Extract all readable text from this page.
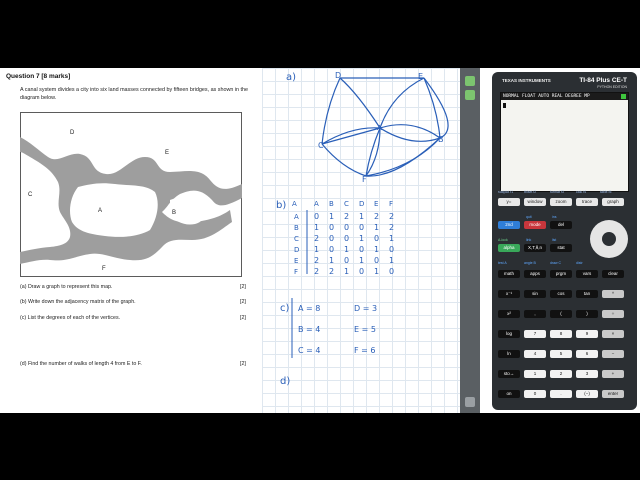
Question 7 [8 marks]
A canal system divides a city into six land masses connected by fifteen bridges, as shown in the diagram below.
D
E
C
A	B
F
(a) Draw a graph to represent this map.	[2]
(b) Write down the adjacency matrix of the graph.	[2]
(c) List the degrees of each of the vertices.	[2]
(d) Find the number of walks of length 4 from E to F.	[2]
a)	D	E
C
A
B
F
b) A A B C D E F
A 0 1 2 1 2 2
B 1 0 0 0 1 2
C 2 0 0 1 0 1
D 1 0 1 0 1 0
E 2 1 0 1 0 1
F 2 2 1 0 1 0
c) A = 8	D = 3
B = 4	E = 5
C = 4	F = 6
d)
TEXAS INSTRUMENTS	TI-84 Plus CE-T
PYTHON EDITION
NORMAL FLOAT AUTO REAL DEGREE MP
statplot f1	tblset f2	format f3	calc f4	table f5
y=	window	zoom	trace	graph
quit	ins
2nd	mode	del
A-lock	link	list
alpha	X,T,θ,n	stat
test A	angle B	draw C	distr
math	apps	prgm	vars	clear
x⁻¹	sin	cos	tan	^
x²	,	(	)	÷
log	7	8	9	×
ln	4	5	6	−
sto→	1	2	3	+
on	0	.	(−)	enter
